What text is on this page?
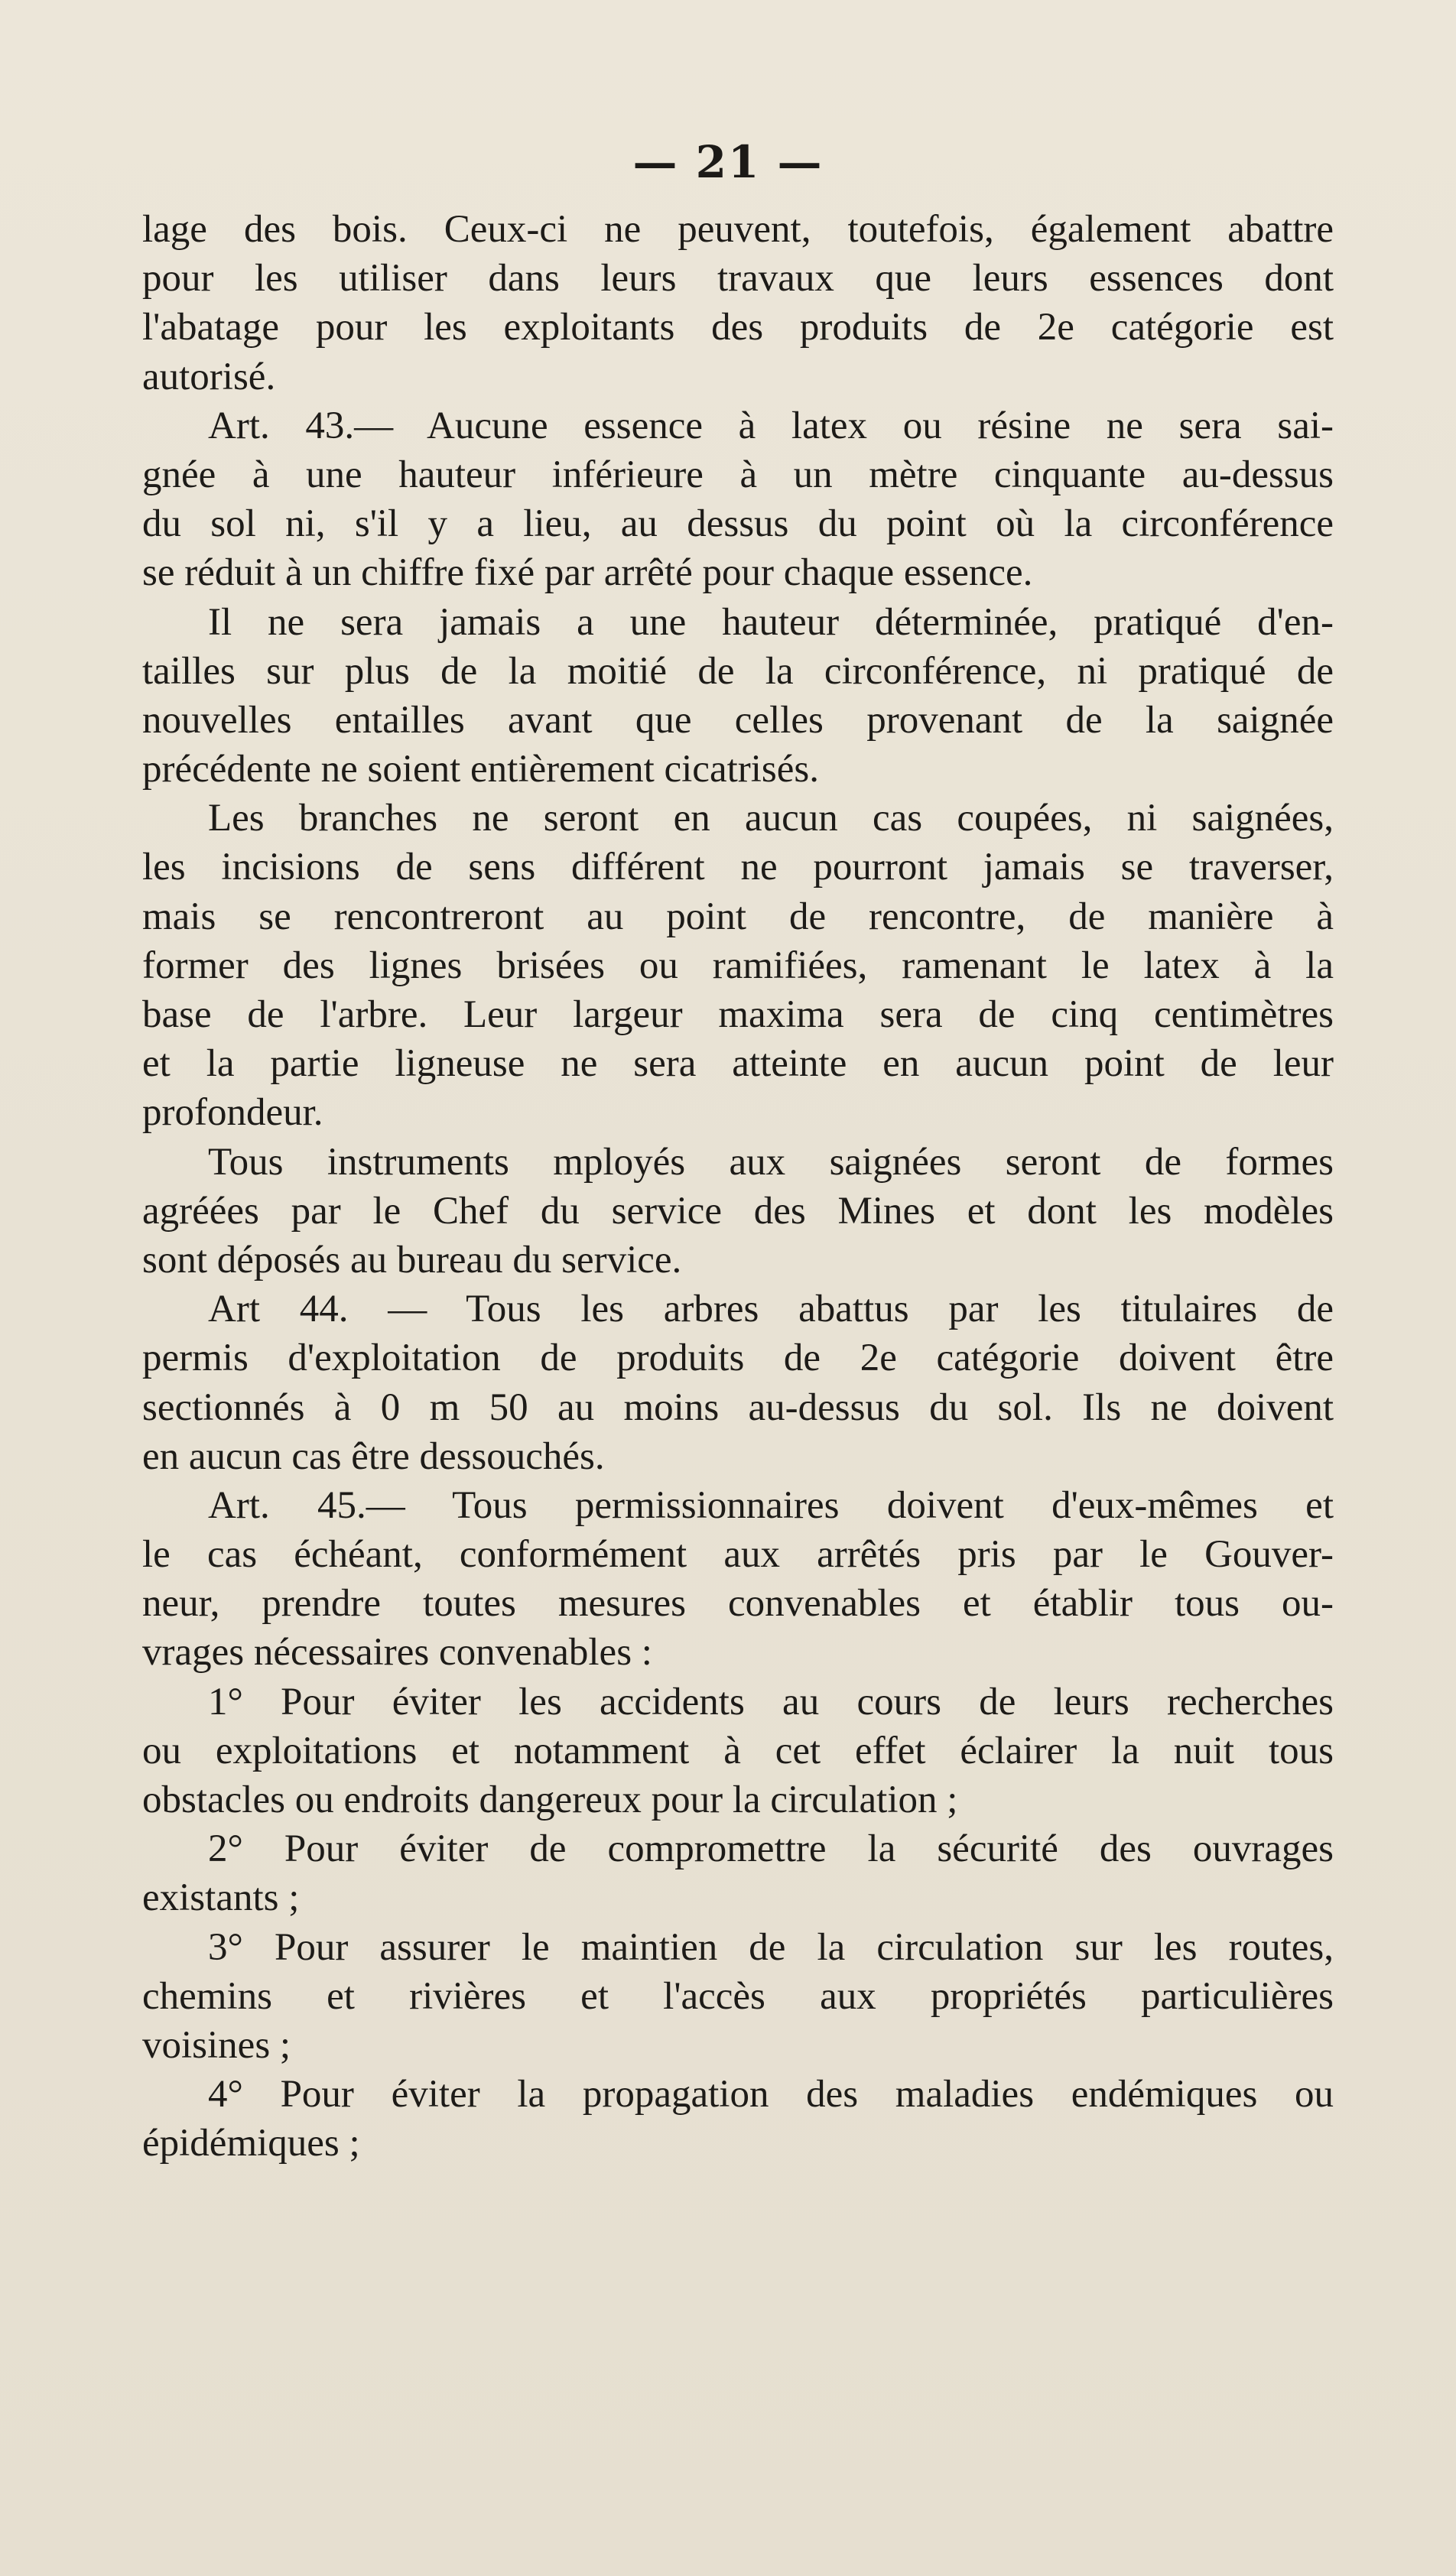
— 21 —
lage des bois. Ceux-ci ne peuvent, toutefois, également abattre
pour les utiliser dans leurs travaux que leurs essences dont
l'abatage pour les exploitants des produits de 2e catégorie est
autorisé.
Art. 43.— Aucune essence à latex ou résine ne sera sai-
gnée à une hauteur inférieure à un mètre cinquante au-dessus
du sol ni, s'il y a lieu, au dessus du point où la circonférence
se réduit à un chiffre fixé par arrêté pour chaque essence.
Il ne sera jamais a une hauteur déterminée, pratiqué d'en-
tailles sur plus de la moitié de la circonférence, ni pratiqué de
nouvelles entailles avant que celles provenant de la saignée
précédente ne soient entièrement cicatrisés.
Les branches ne seront en aucun cas coupées, ni saignées,
les incisions de sens différent ne pourront jamais se traverser,
mais se rencontreront au point de rencontre, de manière à
former des lignes brisées ou ramifiées, ramenant le latex à la
base de l'arbre. Leur largeur maxima sera de cinq centimètres
et la partie ligneuse ne sera atteinte en aucun point de leur
profondeur.
Tous instruments mployés aux saignées seront de formes
agréées par le Chef du service des Mines et dont les modèles
sont déposés au bureau du service.
Art 44. — Tous les arbres abattus par les titulaires de
permis d'exploitation de produits de 2e catégorie doivent être
sectionnés à 0 m 50 au moins au-dessus du sol. Ils ne doivent
en aucun cas être dessouchés.
Art. 45.— Tous permissionnaires doivent d'eux-mêmes et
le cas échéant, conformément aux arrêtés pris par le Gouver-
neur, prendre toutes mesures convenables et établir tous ou-
vrages nécessaires convenables :
1° Pour éviter les accidents au cours de leurs recherches
ou exploitations et notamment à cet effet éclairer la nuit tous
obstacles ou endroits dangereux pour la circulation ;
2° Pour éviter de compromettre la sécurité des ouvrages
existants ;
3° Pour assurer le maintien de la circulation sur les routes,
chemins et rivières et l'accès aux propriétés particulières
voisines ;
4° Pour éviter la propagation des maladies endémiques ou
épidémiques ;
